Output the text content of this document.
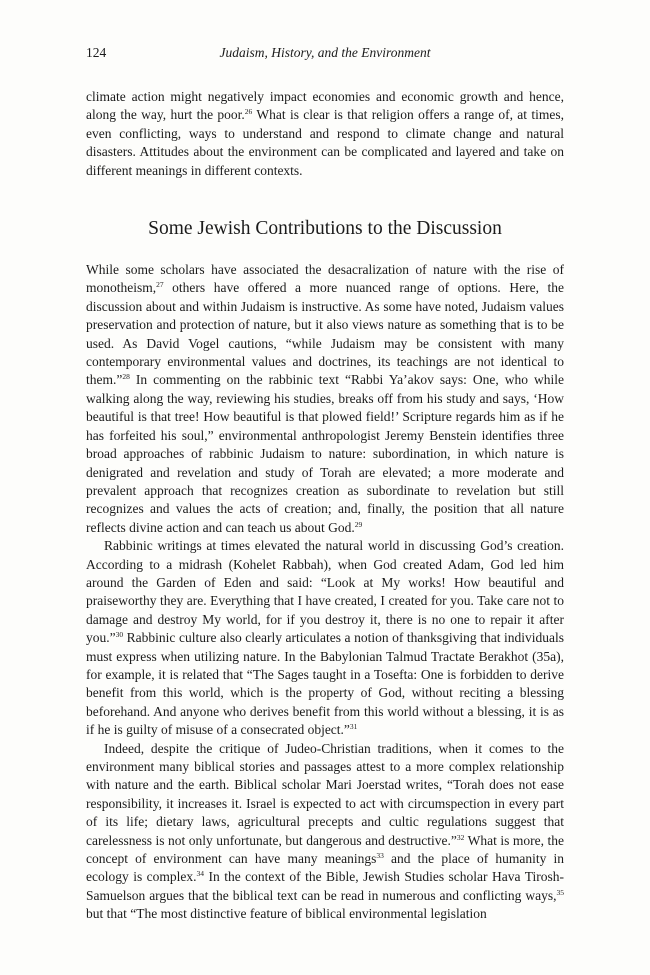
124	Judaism, History, and the Environment

climate action might negatively impact economies and economic growth and hence, along the way, hurt the poor.$^{26}$ What is clear is that religion offers a range of, at times, even conflicting, ways to understand and respond to climate change and natural disasters. Attitudes about the environment can be complicated and layered and take on different meanings in different contexts.

Some Jewish Contributions to the Discussion

While some scholars have associated the desacralization of nature with the rise of monotheism,$^{27}$ others have offered a more nuanced range of options. Here, the discussion about and within Judaism is instructive. As some have noted, Judaism values preservation and protection of nature, but it also views nature as something that is to be used. As David Vogel cautions, “while Judaism may be consistent with many contemporary environmental values and doctrines, its teachings are not identical to them.”$^{28}$ In commenting on the rabbinic text “Rabbi Ya’akov says: One, who while walking along the way, reviewing his studies, breaks off from his study and says, ‘How beautiful is that tree! How beautiful is that plowed field!’ Scripture regards him as if he has forfeited his soul,” environmental anthropologist Jeremy Benstein identifies three broad approaches of rabbinic Judaism to nature: subordination, in which nature is denigrated and revelation and study of Torah are elevated; a more moderate and prevalent approach that recognizes creation as subordinate to revelation but still recognizes and values the acts of creation; and, finally, the position that all nature reflects divine action and can teach us about God.$^{29}$

Rabbinic writings at times elevated the natural world in discussing God’s creation. According to a midrash (Kohelet Rabbah), when God created Adam, God led him around the Garden of Eden and said: “Look at My works! How beautiful and praiseworthy they are. Everything that I have created, I created for you. Take care not to damage and destroy My world, for if you destroy it, there is no one to repair it after you.”$^{30}$ Rabbinic culture also clearly articulates a notion of thanksgiving that individuals must express when utilizing nature. In the Babylonian Talmud Tractate Berakhot (35a), for example, it is related that “The Sages taught in a Tosefta: One is forbidden to derive benefit from this world, which is the property of God, without reciting a blessing beforehand. And anyone who derives benefit from this world without a blessing, it is as if he is guilty of misuse of a consecrated object.”$^{31}$

Indeed, despite the critique of Judeo-Christian traditions, when it comes to the environment many biblical stories and passages attest to a more complex relationship with nature and the earth. Biblical scholar Mari Joerstad writes, “Torah does not ease responsibility, it increases it. Israel is expected to act with circumspection in every part of its life; dietary laws, agricultural precepts and cultic regulations suggest that carelessness is not only unfortunate, but dangerous and destructive.”$^{32}$ What is more, the concept of environment can have many meanings$^{33}$ and the place of humanity in ecology is complex.$^{34}$ In the context of the Bible, Jewish Studies scholar Hava Tirosh-Samuelson argues that the biblical text can be read in numerous and conflicting ways,$^{35}$ but that “The most distinctive feature of biblical environmental legislation
